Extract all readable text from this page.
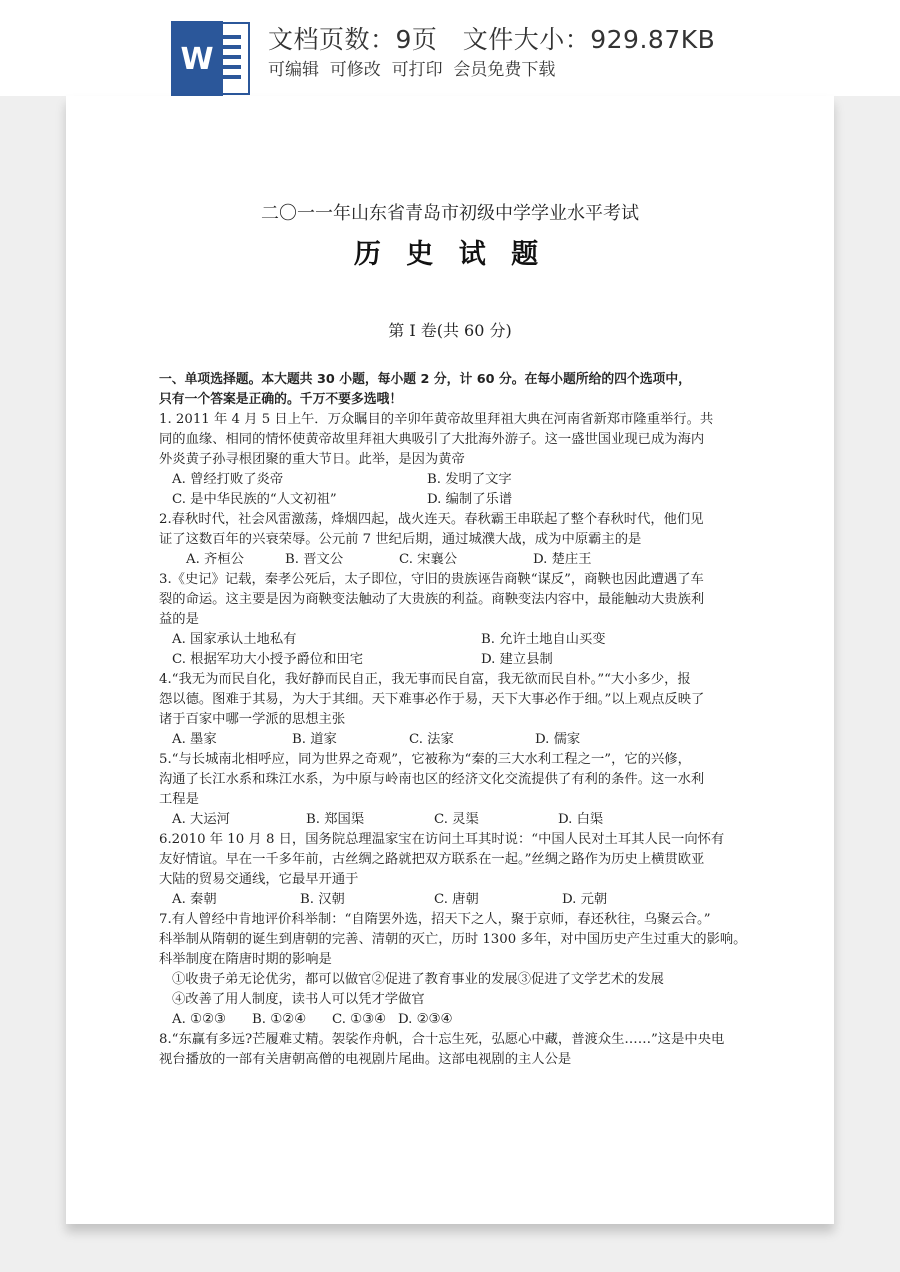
W
文档页数：9页   文件大小：929.87KB
可编辑  可修改  可打印  会员免费下载
二〇一一年山东省青岛市初级中学学业水平考试
历 史 试 题
第 I 卷(共 60 分)

一、单项选择题。本大题共 30 小题，每小题 2 分，计 60 分。在每小题所给的四个选项中，

只有一个答案是正确的。千万不要多选哦！

1. 2011 年 4 月 5 日上午．万众瞩目的辛卯年黄帝故里拜祖大典在河南省新郑市隆重举行。共

同的血缘、相同的情怀使黄帝故里拜祖大典吸引了大批海外游子。这一盛世国业现已成为海内

外炎黄子孙寻根团聚的重大节日。此举，是因为黄帝

A. 曾经打败了炎帝	B. 发明了文字

C. 是中华民族的“人文初祖”	D. 编制了乐谱

2.春秋时代，社会风雷激荡，烽烟四起，战火连天。春秋霸王串联起了整个春秋时代，他们见

证了这数百年的兴衰荣辱。公元前 7 世纪后期，通过城濮大战，成为中原霸主的是

A. 齐桓公	B. 晋文公	C. 宋襄公	D. 楚庄王

3.《史记》记载，秦孝公死后，太子即位，守旧的贵族诬告商鞅“谋反”，商鞅也因此遭遇了车

裂的命运。这主要是因为商鞅变法触动了大贵族的利益。商鞅变法内容中，最能触动大贵族利

益的是

A. 国家承认土地私有	B. 允许土地自山买变

C. 根据军功大小授予爵位和田宅	D. 建立县制

4.“我无为而民自化，我好静而民自正，我无事而民自富，我无欲而民自朴。”“大小多少，报

怨以德。图难于其易，为大于其细。天下难事必作于易，天下大事必作于细。”以上观点反映了

诸于百家中哪一学派的思想主张

A. 墨家	B. 道家	C. 法家	D. 儒家

5.“与长城南北相呼应，同为世界之奇观”，它被称为“秦的三大水利工程之一”，它的兴修，

沟通了长江水系和珠江水系，为中原与岭南也区的经济文化交流提供了有利的条件。这一水利

工程是

A. 大运河	B. 郑国渠	C. 灵渠	D. 白渠

6.2010 年 10 月 8 日，国务院总理温家宝在访问土耳其时说：“中国人民对土耳其人民一向怀有

友好情谊。早在一千多年前，古丝绸之路就把双方联系在一起。”丝绸之路作为历史上横贯欧亚

大陆的贸易交通线，它最早开通于

A. 秦朝	B. 汉朝	C. 唐朝	D. 元朝

7.有人曾经中肯地评价科举制：“自隋罢外选，招天下之人，聚于京师，春还秋往，乌聚云合。”

科举制从隋朝的诞生到唐朝的完善、清朝的灭亡，历时 1300 多年，对中国历史产生过重大的影响。

科举制度在隋唐时期的影响是

①收贵子弟无论优劣，都可以做官②促进了教育事业的发展③促进了文学艺术的发展

④改善了用人制度，读书人可以凭才学做官

A. ①②③	B. ①②④	C. ①③④ D. ②③④

8.“东赢有多远?芒履难丈精。袈裟作舟帆，合十忘生死，弘愿心中藏，普渡众生……”这是中央电

视台播放的一部有关唐朝高僧的电视剧片尾曲。这部电视剧的主人公是
